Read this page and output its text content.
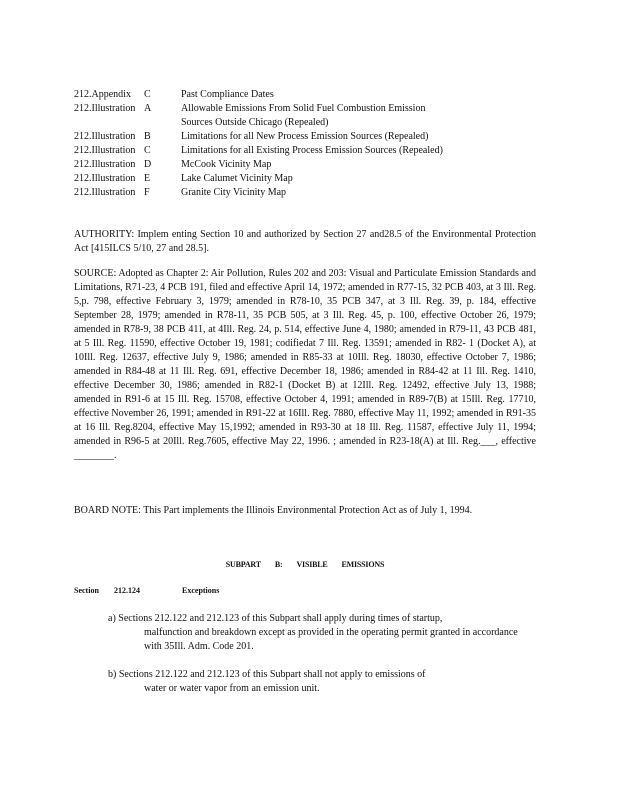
212.Appendix	C	Past Compliance Dates
212.Illustration A	Allowable Emissions From Solid Fuel Combustion Emission
Sources Outside Chicago (Repealed)
212.Illustration B	Limitations for all New Process Emission Sources (Repealed)
212.Illustration C	Limitations for all Existing Process Emission Sources (Repealed)
212.Illustration D	McCook Vicinity Map
212.Illustration E	Lake Calumet Vicinity Map
212.Illustration F	Granite City Vicinity Map
AUTHORITY: Implem enting Section 10 and authorized by Section 27 and28.5 of the Environmental Protection Act [415ILCS 5/10, 27 and 28.5].
SOURCE: Adopted as Chapter 2: Air Pollution, Rules 202 and 203: Visual and Particulate Emission Standards and Limitations, R71-23, 4 PCB 191, filed and effective April 14, 1972; amended in R77-15, 32 PCB 403, at 3 Ill. Reg. 5,p. 798, effective February 3, 1979; amended in R78-10, 35 PCB 347, at 3 Ill. Reg. 39, p. 184, effective September 28, 1979; amended in R78-11, 35 PCB 505, at 3 Ill. Reg. 45, p. 100, effective October 26, 1979; amended in R78-9, 38 PCB 411, at 4Ill. Reg. 24, p. 514, effective June 4, 1980; amended in R79-11, 43 PCB 481, at 5 Ill. Reg. 11590, effective October 19, 1981; codifiedat 7 Ill. Reg. 13591; amended in R82- 1 (Docket A), at 10Ill. Reg. 12637, effective July 9, 1986; amended in R85-33 at 10Ill. Reg. 18030, effective October 7, 1986; amended in R84-48 at 11 Ill. Reg. 691, effective December 18, 1986; amended in R84-42 at 11 Ill. Reg. 1410, effective December 30, 1986; amended in R82-1 (Docket B) at 12Ill. Reg. 12492, effective July 13, 1988; amended in R91-6 at 15 Ill. Reg. 15708, effective October 4, 1991; amended in R89-7(B) at 15Ill. Reg. 17710, effective November 26, 1991; amended in R91-22 at 16Ill. Reg. 7880, effective May 11, 1992; amended in R91-35 at 16 Ill. Reg.8204, effective May 15,1992; amended in R93-30 at 18 Ill. Reg. 11587, effective July 11, 1994; amended in R96-5 at 20Ill. Reg.7605, effective May 22, 1996. ; amended in R23-18(A) at Ill. Reg.___, effective ________.
BOARD NOTE: This Part implements the Illinois Environmental Protection Act as of July 1, 1994.
SUBPART B: VISIBLE EMISSIONS
Section	212.124	Exceptions
a) Sections 212.122 and 212.123 of this Subpart shall apply during times of startup,
malfunction and breakdown except as provided in the operating permit granted in accordance with 35Ill. Adm. Code 201.
b) Sections 212.122 and 212.123 of this Subpart shall not apply to emissions of
water or water vapor from an emission unit.
